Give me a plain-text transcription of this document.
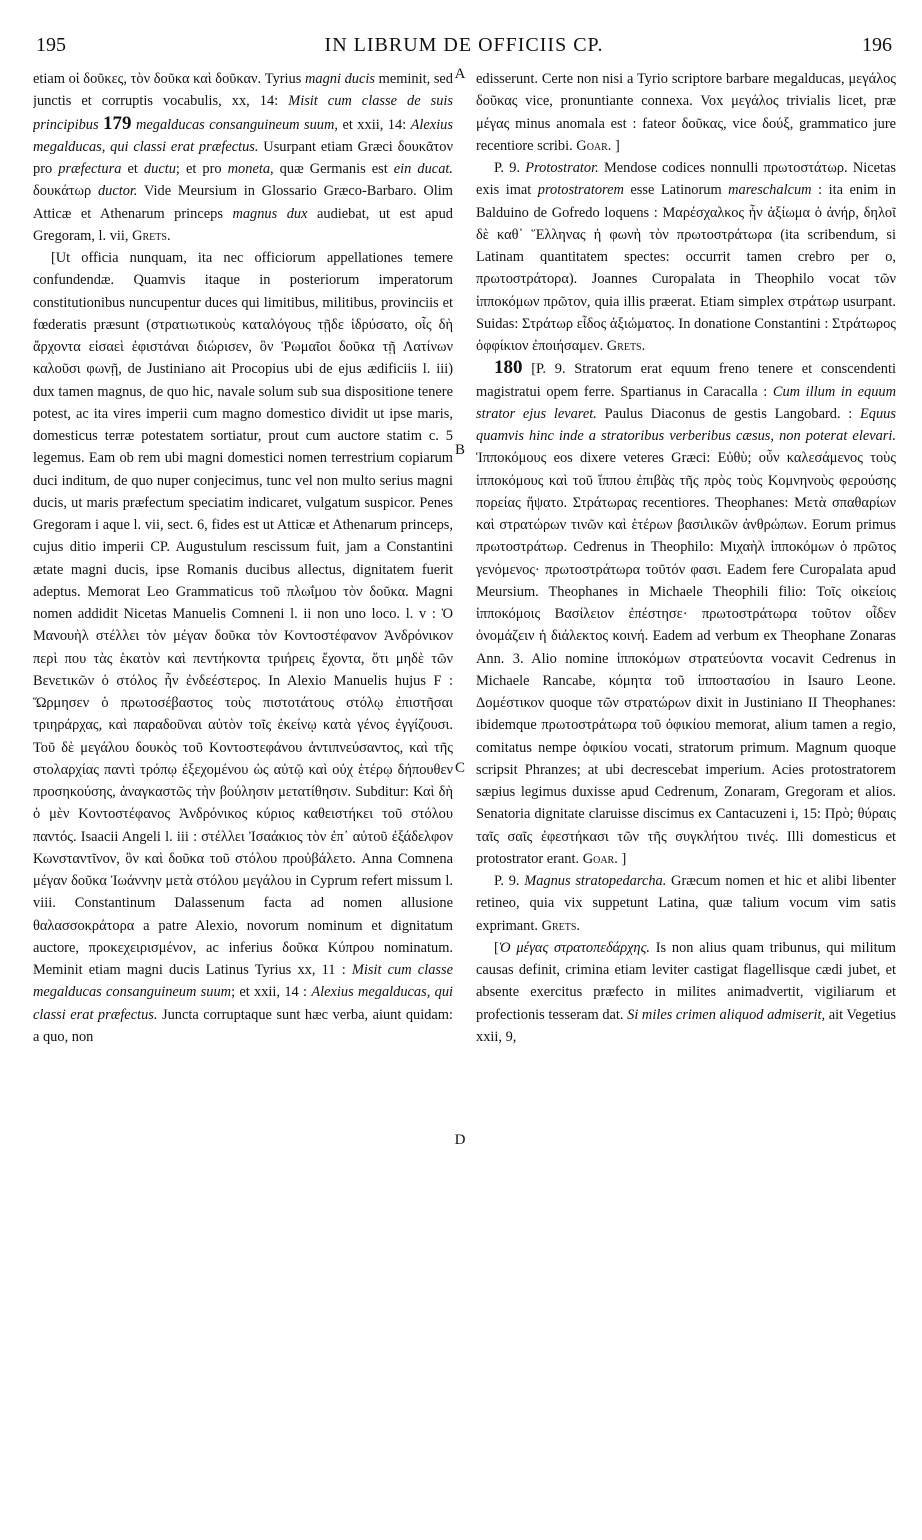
195	IN LIBRUM DE OFFICIIS CP.	196
A
B
C
D

etiam οἱ δοῦκες, τὸν δοῦκα καὶ δοῦκαν. Tyrius magni ducis meminit, sed junctis et corruptis vocabulis, xx, 14: Misit cum classe de suis principibus 179 megalducas consanguineum suum, et xxii, 14: Alexius megalducas, qui classi erat præfectus. Usurpant etiam Græci δουκᾶτον pro præfectura et ductu; et pro moneta, quæ Germanis est ein ducat. δουκάτωρ ductor. Vide Meursium in Glossario Græco-Barbaro. Olim Atticæ et Athenarum princeps magnus dux audiebat, ut est apud Gregoram, l. vii, Grets.

[Ut officia nunquam, ita nec officiorum appellationes temere confundendæ. Quamvis itaque in posteriorum imperatorum constitutionibus nuncupentur duces qui limitibus, militibus, provinciis et fœderatis præsunt (στρατιωτικοὺς καταλόγους τῇδε ἱδρύσατο, οἷς δὴ ἄρχοντα εἰσαεὶ ἐφιστάναι διώρισεν, ὃν Ῥωμαῖοι δοῦκα τῇ Λατίνων καλοῦσι φωνῇ, de Justiniano ait Procopius ubi de ejus ædificiis l. iii) dux tamen magnus, de quo hic, navale solum sub sua dispositione tenere potest, ac ita vires imperii cum magno domestico dividit ut ipse maris, domesticus terræ potestatem sortiatur, prout cum auctore statim c. 5 legemus. Eam ob rem ubi magni domestici nomen terrestrium copiarum duci inditum, de quo nuper conjecimus, tunc vel non multo serius magni ducis, ut maris præfectum speciatim indicaret, vulgatum suspicor. Penes Gregoram i aque l. vii, sect. 6, fides est ut Atticæ et Athenarum princeps, cujus ditio imperii CP. Augustulum rescissum fuit, jam a Constantini ætate magni ducis, ipse Romanis ducibus allectus, dignitatem fuerit adeptus. Memorat Leo Grammaticus τοῦ πλωΐμου τὸν δοῦκα. Magni nomen addidit Nicetas Manuelis Comneni l. ii non uno loco. l. v : Ὁ Μανουὴλ στέλλει τὸν μέγαν δοῦκα τὸν Κοντοστέφανον Ἀνδρόνικον περὶ που τὰς ἑκατὸν καὶ πεντήκοντα τριήρεις ἔχοντα, ὅτι μηδὲ τῶν Βενετικῶν ὁ στόλος ἦν ἐνδεέστερος. In Alexio Manuelis hujus F : Ὥρμησεν ὁ πρωτοσέβαστος τοὺς πιστοτάτους στόλῳ ἐπιστῆσαι τριηράρχας, καὶ παραδοῦναι αὐτὸν τοῖς ἐκείνῳ κατὰ γένος ἐγγίζουσι. Τοῦ δὲ μεγάλου δουκὸς τοῦ Κοντοστεφάνου ἀντιπνεύσαντος, καὶ τῆς στολαρχίας παντὶ τρόπῳ ἐξεχομένου ὡς αὐτῷ καὶ οὐχ ἑτέρῳ δήπουθεν προσηκούσης, ἀναγκαστῶς τὴν βούλησιν μετατίθησιν. Subditur: Καὶ δὴ ὁ μὲν Κοντοστέφανος Ἀνδρόνικος κύριος καθειστήκει τοῦ στόλου παντός. Isaacii Angeli l. iii : στέλλει Ἰσαάκιος τὸν ἐπ᾽ αὐτοῦ ἐξάδελφον Κωνσταντῖνον, ὃν καὶ δοῦκα τοῦ στόλου προὐβάλετο. Anna Comnena μέγαν δοῦκα Ἰωάννην μετὰ στόλου μεγάλου in Cyprum refert missum l. viii. Constantinum Dalassenum facta ad nomen allusione θαλασσοκράτορα a patre Alexio, novorum nominum et dignitatum auctore, προκεχειρισμένον, ac inferius δοῦκα Κύπρου nominatum. Meminit etiam magni ducis Latinus Tyrius xx, 11 : Misit cum classe megalducas consanguineum suum; et xxii, 14 : Alexius megalducas, qui classi erat præfectus. Juncta corruptaque sunt hæc verba, aiunt quidam: a quo, non

edisserunt. Certe non nisi a Tyrio scriptore barbare megalducas, μεγάλος δοῦκας vice, pronuntiante connexa. Vox μεγάλος trivialis licet, præ μέγας minus anomala est : fateor δοῦκας, vice δούξ, grammatico jure recentiore scribi. Goar. ]

P. 9. Protostrator. Mendose codices nonnulli πρωτοστάτωρ. Nicetas exis imat protostratorem esse Latinorum mareschalcum : ita enim in Balduino de Gofredo loquens : Μαρέσχαλκος ἦν ἀξίωμα ὁ ἀνήρ, δηλοῖ δὲ καθ᾽ Ἕλληνας ἡ φωνὴ τὸν πρωτοστράτωρα (ita scribendum, si Latinam quantitatem spectes: occurrit tamen crebro per o, πρωτοστράτορα). Joannes Curopalata in Theophilo vocat τῶν ἱπποκόμων πρῶτον, quia illis præerat. Etiam simplex στράτωρ usurpant. Suidas: Στράτωρ εἶδος ἀξιώματος. In donatione Constantini : Στράτωρος ὀφφίκιον ἐποιήσαμεν. Grets.

180 [P. 9. Stratorum erat equum freno tenere et conscendenti magistratui opem ferre. Spartianus in Caracalla : Cum illum in equum strator ejus levaret. Paulus Diaconus de gestis Langobard. : Equus quamvis hinc inde a stratoribus verberibus cæsus, non poterat elevari. Ἱπποκόμους eos dixere veteres Græci: Εὐθὺ; οὖν καλεσάμενος τοὺς ἱπποκόμους καὶ τοῦ ἵππου ἐπιβὰς τῆς πρὸς τοὺς Κομνηνοὺς φερούσης πορείας ἥψατο. Στράτωρας recentiores. Theophanes: Μετὰ σπαθαρίων καὶ στρατώρων τινῶν καὶ ἑτέρων βασιλικῶν ἀνθρώπων. Eorum primus πρωτοστράτωρ. Cedrenus in Theophilo: Μιχαὴλ ἱπποκόμων ὁ πρῶτος γενόμενος· πρωτοστράτωρα τοῦτόν φασι. Eadem fere Curopalata apud Meursium. Theophanes in Michaele Theophili filio: Τοῖς οἰκείοις ἱπποκόμοις Βασίλειον ἐπέστησε· πρωτοστράτωρα τοῦτον οἶδεν ὀνομάζειν ἡ διάλεκτος κοινή. Eadem ad verbum ex Theophane Zonaras Ann. 3. Alio nomine ἱπποκόμων στρατεύοντα vocavit Cedrenus in Michaele Rancabe, κόμητα τοῦ ἱπποστασίου in Isauro Leone. Δομέστικον quoque τῶν στρατώρων dixit in Justiniano II Theophanes: ibidemque πρωτοστράτωρα τοῦ ὀφικίου memorat, alium tamen a regio, comitatus nempe ὀφικίου vocati, stratorum primum. Magnum quoque scripsit Phranzes; at ubi decrescebat imperium. Acies protostratorem sæpius legimus duxisse apud Cedrenum, Zonaram, Gregoram et alios. Senatoria dignitate claruisse discimus ex Cantacuzeni i, 15: Πρὸ; θύραις ταῖς σαῖς ἐφεστήκασι τῶν τῆς συγκλήτου τινές. Illi domesticus et protostrator erant. Goar. ]

P. 9. Magnus stratopedarcha. Græcum nomen et hic et alibi libenter retineo, quia vix suppetunt Latina, quæ talium vocum vim satis exprimant. Grets.

[Ὁ μέγας στρατοπεδάρχης. Is non alius quam tribunus, qui militum causas definit, crimina etiam leviter castigat flagellisque cædi jubet, et absente exercitus præfecto in milites animadvertit, vigiliarum et profectionis tesseram dat. Si miles crimen aliquod admiserit, ait Vegetius xxii, 9,
